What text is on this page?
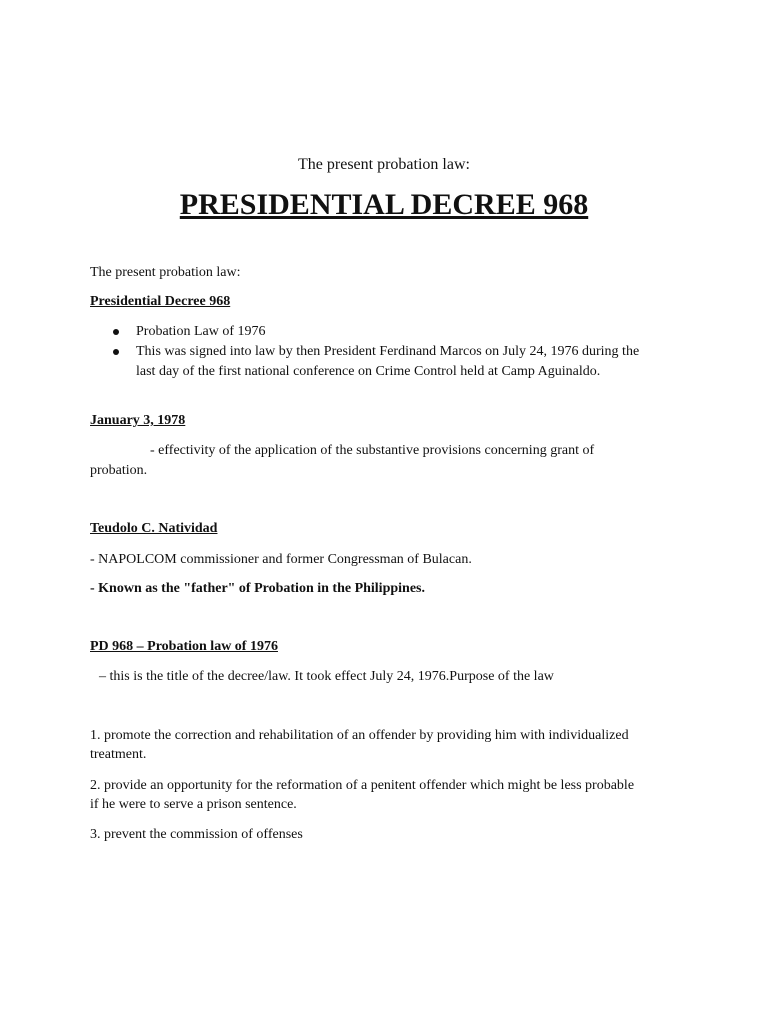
The present probation law:
PRESIDENTIAL DECREE 968
The present probation law:
Presidential Decree 968
Probation Law of 1976
This was signed into law by then President Ferdinand Marcos on July 24, 1976 during the
last day of the first national conference on Crime Control held at Camp Aguinaldo.
January 3, 1978
- effectivity of the application of the substantive provisions concerning grant of
probation.
Teudolo C. Natividad
- NAPOLCOM commissioner and former Congressman of Bulacan.
- Known as the "father" of Probation in the Philippines.
PD 968 – Probation law of 1976
– this is the title of the decree/law. It took effect July 24, 1976.Purpose of the law
1. promote the correction and rehabilitation of an offender by providing him with individualized
treatment.
2. provide an opportunity for the reformation of a penitent offender which might be less probable
if he were to serve a prison sentence.
3. prevent the commission of offenses
